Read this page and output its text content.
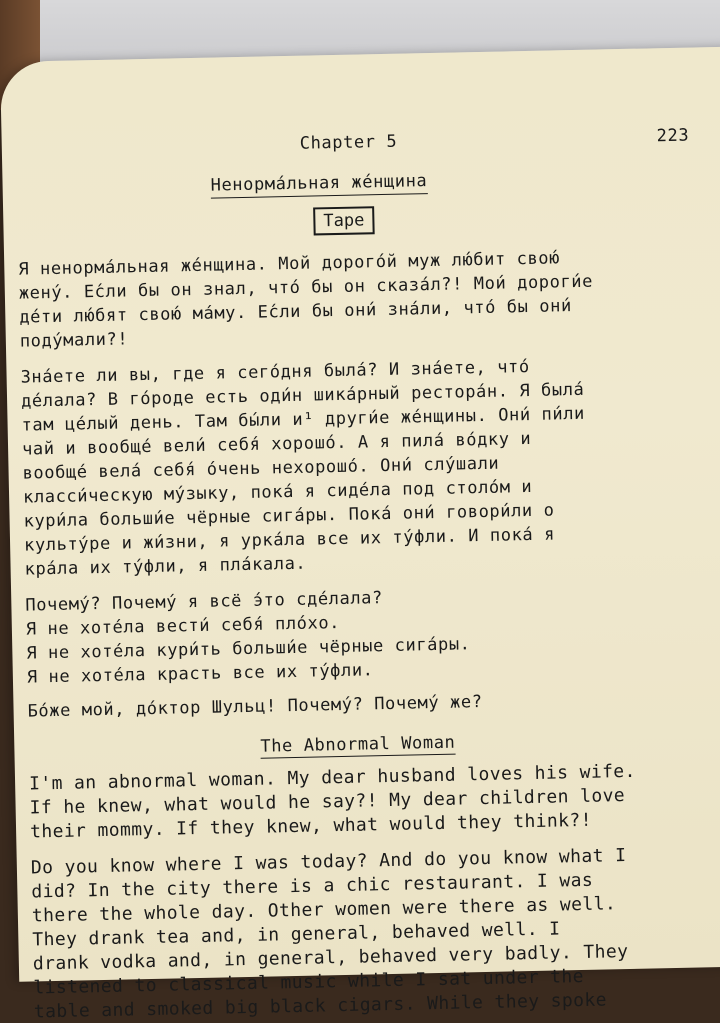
Chapter 5	223
Ненорма́льная же́нщина
Tape
Я ненорма́льная же́нщина. Мой дорого́й муж лю́бит свою́
жену́. Е́сли бы он знал, что́ бы он сказа́л?! Мои́ дороги́е
де́ти лю́бят свою́ ма́му. Е́сли бы они́ зна́ли, что́ бы они́
поду́мали?!
Зна́ете ли вы, где я сего́дня была́? И зна́ете, что́
де́лала? В го́роде есть оди́н шика́рный рестора́н. Я была́
там це́лый день. Там бы́ли и¹ други́е же́нщины. Они́ пи́ли
чай и вообще́ вели́ себя́ хорошо́. А я пила́ во́дку и
вообще́ вела́ себя́ о́чень нехорошо́. Они́ слу́шали
класси́ческую му́зыку, пока́ я сиде́ла под столо́м и
кури́ла больши́е чёрные сига́ры. Пока́ они́ говори́ли о
культу́ре и жи́зни, я урка́ла все их ту́фли. И пока́ я
кра́ла их ту́фли, я пла́кала.
Почему́? Почему́ я всё э́то сде́лала?
Я не хоте́ла вести́ себя́ пло́хо.
Я не хоте́ла кури́ть больши́е чёрные сига́ры.
Я не хоте́ла красть все их ту́фли.
Бо́же мой, до́ктор Шульц! Почему́? Почему́ же?
The Abnormal Woman
I'm an abnormal woman. My dear husband loves his wife.
If he knew, what would he say?! My dear children love
their mommy. If they knew, what would they think?!
Do you know where I was today? And do you know what I
did? In the city there is a chic restaurant. I was
there the whole day. Other women were there as well.
They drank tea and, in general, behaved well. I
drank vodka and, in general, behaved very badly. They
listened to classical music while I sat under the
table and smoked big black cigars. While they spoke
